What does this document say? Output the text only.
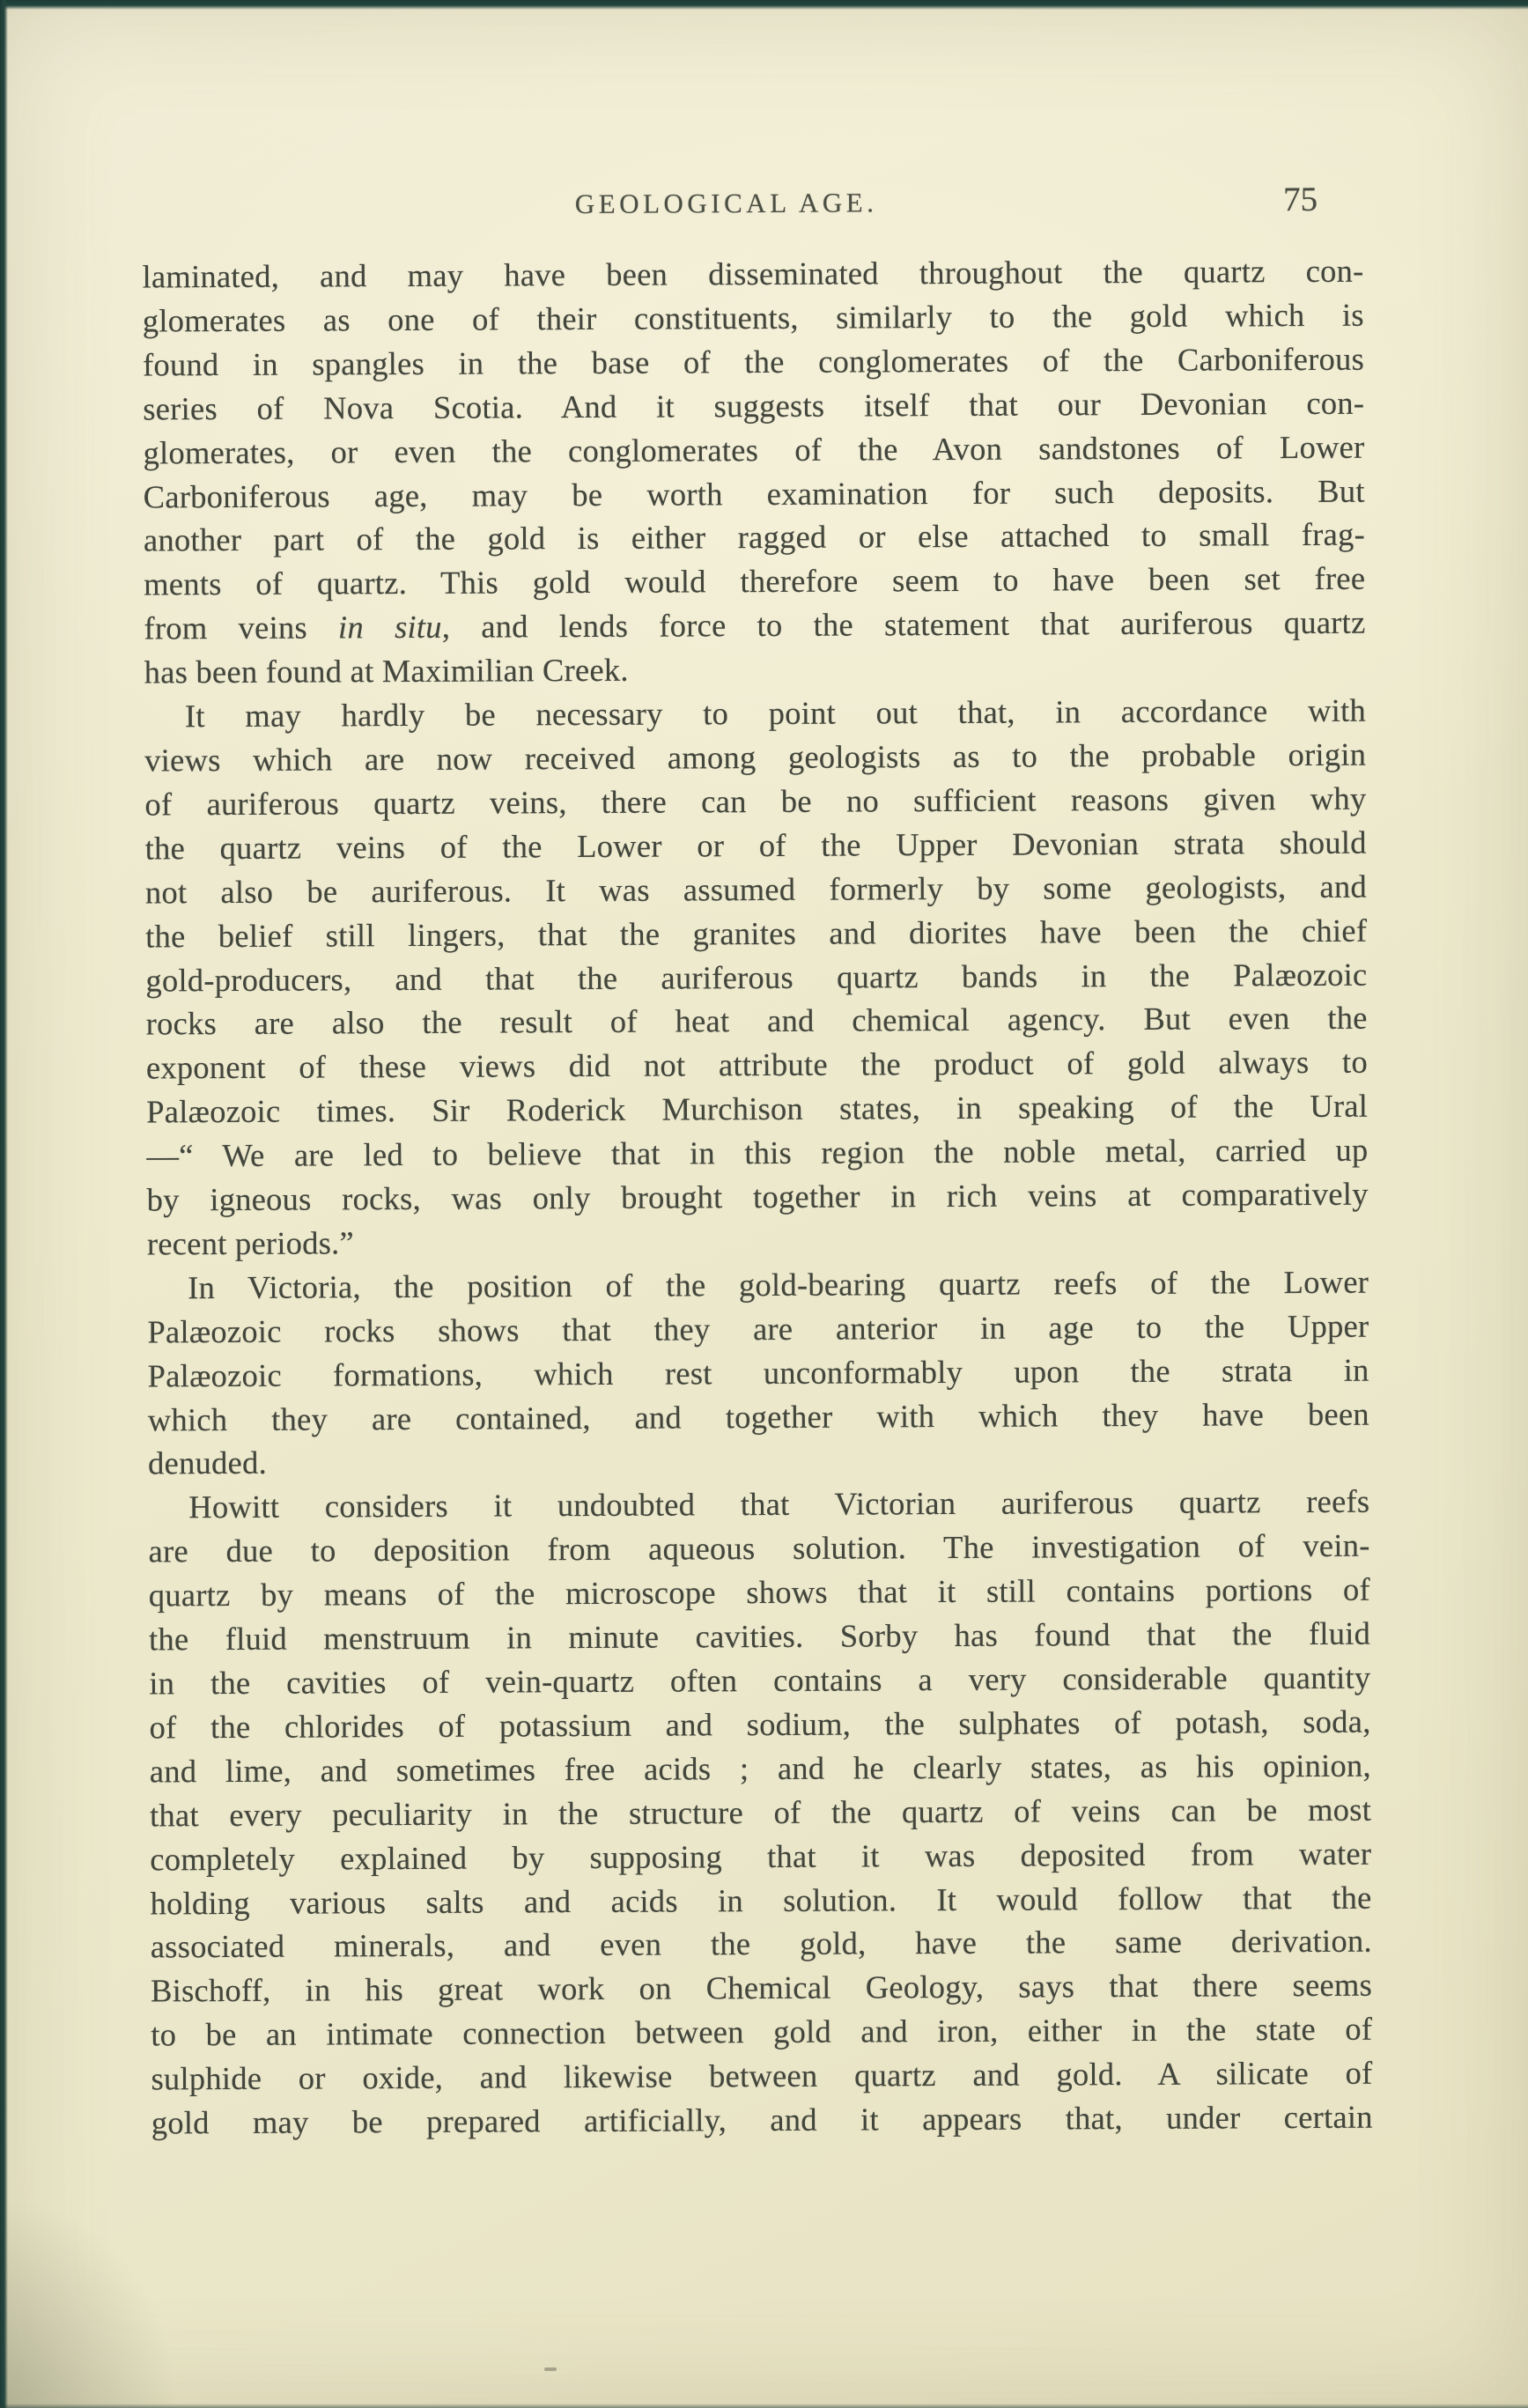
GEOLOGICAL AGE.	75
laminated, and may have been disseminated throughout the quartz con-
glomerates as one of their constituents, similarly to the gold which is
found in spangles in the base of the conglomerates of the Carboniferous
series of Nova Scotia. And it suggests itself that our Devonian con-
glomerates, or even the conglomerates of the Avon sandstones of Lower
Carboniferous age, may be worth examination for such deposits. But
another part of the gold is either ragged or else attached to small frag-
ments of quartz. This gold would therefore seem to have been set free
from veins in situ, and lends force to the statement that auriferous quartz
has been found at Maximilian Creek.
It may hardly be necessary to point out that, in accordance with
views which are now received among geologists as to the probable origin
of auriferous quartz veins, there can be no sufficient reasons given why
the quartz veins of the Lower or of the Upper Devonian strata should
not also be auriferous. It was assumed formerly by some geologists, and
the belief still lingers, that the granites and diorites have been the chief
gold-producers, and that the auriferous quartz bands in the Palæozoic
rocks are also the result of heat and chemical agency. But even the
exponent of these views did not attribute the product of gold always to
Palæozoic times. Sir Roderick Murchison states, in speaking of the Ural
—“ We are led to believe that in this region the noble metal, carried up
by igneous rocks, was only brought together in rich veins at comparatively
recent periods.”
In Victoria, the position of the gold-bearing quartz reefs of the Lower
Palæozoic rocks shows that they are anterior in age to the Upper
Palæozoic formations, which rest unconformably upon the strata in
which they are contained, and together with which they have been
denuded.
Howitt considers it undoubted that Victorian auriferous quartz reefs
are due to deposition from aqueous solution. The investigation of vein-
quartz by means of the microscope shows that it still contains portions of
the fluid menstruum in minute cavities. Sorby has found that the fluid
in the cavities of vein-quartz often contains a very considerable quantity
of the chlorides of potassium and sodium, the sulphates of potash, soda,
and lime, and sometimes free acids ; and he clearly states, as his opinion,
that every peculiarity in the structure of the quartz of veins can be most
completely explained by supposing that it was deposited from water
holding various salts and acids in solution. It would follow that the
associated minerals, and even the gold, have the same derivation.
Bischoff, in his great work on Chemical Geology, says that there seems
to be an intimate connection between gold and iron, either in the state of
sulphide or oxide, and likewise between quartz and gold. A silicate of
gold may be prepared artificially, and it appears that, under certain
